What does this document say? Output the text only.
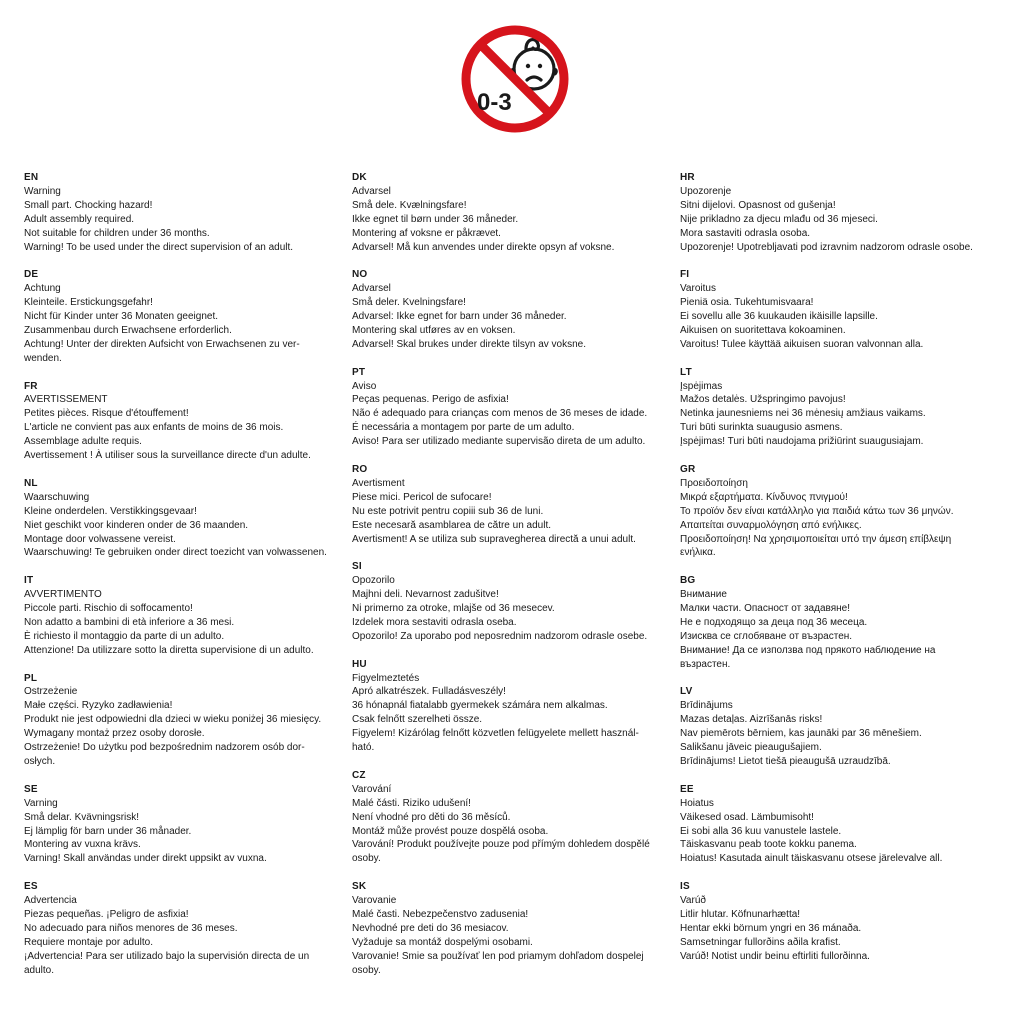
0-3
EN
Warning
Small part. Chocking hazard!
Adult assembly required.
Not suitable for children under 36 months.
Warning! To be used under the direct supervision of an adult.
DE
Achtung
Kleinteile. Erstickungsgefahr!
Nicht für Kinder unter 36 Monaten geeignet.
Zusammenbau durch Erwachsene erforderlich.
Achtung! Unter der direkten Aufsicht von Erwachsenen zu ver-
wenden.
FR
AVERTISSEMENT
Petites pièces. Risque d'étouffement!
L'article ne convient pas aux enfants de moins de 36 mois.
Assemblage adulte requis.
Avertissement ! À utiliser sous la surveillance directe d'un adulte.
NL
Waarschuwing
Kleine onderdelen. Verstikkingsgevaar!
Niet geschikt voor kinderen onder de 36 maanden.
Montage door volwassene vereist.
Waarschuwing! Te gebruiken onder direct toezicht van volwassenen.
IT
AVVERTIMENTO
Piccole parti. Rischio di soffocamento!
Non adatto a bambini di età inferiore a 36 mesi.
È richiesto il montaggio da parte di un adulto.
Attenzione! Da utilizzare sotto la diretta supervisione di un adulto.
PL
Ostrzeżenie
Małe części. Ryzyko zadławienia!
Produkt nie jest odpowiedni dla dzieci w wieku poniżej 36 miesięcy.
Wymagany montaż przez osoby dorosłe.
Ostrzeżenie! Do użytku pod bezpośrednim nadzorem osób dor-
osłych.
SE
Varning
Små delar. Kvävningsrisk!
Ej lämplig för barn under 36 månader.
Montering av vuxna krävs.
Varning! Skall användas under direkt uppsikt av vuxna.
ES
Advertencia
Piezas pequeñas. ¡Peligro de asfixia!
No adecuado para niños menores de 36 meses.
Requiere montaje por adulto.
¡Advertencia! Para ser utilizado bajo la supervisión directa de un
adulto.
DK
Advarsel
Små dele. Kvælningsfare!
Ikke egnet til børn under 36 måneder.
Montering af voksne er påkrævet.
Advarsel! Må kun anvendes under direkte opsyn af voksne.
NO
Advarsel
Små deler. Kvelningsfare!
Advarsel: Ikke egnet for barn under 36 måneder.
Montering skal utføres av en voksen.
Advarsel! Skal brukes under direkte tilsyn av voksne.
PT
Aviso
Peças pequenas. Perigo de asfixia!
Não é adequado para crianças com menos de 36 meses de idade.
É necessária a montagem por parte de um adulto.
Aviso! Para ser utilizado mediante supervisão direta de um adulto.
RO
Avertisment
Piese mici. Pericol de sufocare!
Nu este potrivit pentru copiii sub 36 de luni.
Este necesară asamblarea de către un adult.
Avertisment! A se utiliza sub supravegherea directă a unui adult.
SI
Opozorilo
Majhni deli. Nevarnost zadušitve!
Ni primerno za otroke, mlajše od 36 mesecev.
Izdelek mora sestaviti odrasla oseba.
Opozorilo! Za uporabo pod neposrednim nadzorom odrasle osebe.
HU
Figyelmeztetés
Apró alkatrészek. Fulladásveszély!
36 hónapnál fiatalabb gyermekek számára nem alkalmas.
Csak felnőtt szerelheti össze.
Figyelem! Kizárólag felnőtt közvetlen felügyelete mellett használ-
ható.
CZ
Varování
Malé části. Riziko udušení!
Není vhodné pro děti do 36 měsíců.
Montáž může provést pouze dospělá osoba.
Varování! Produkt používejte pouze pod přímým dohledem dospělé
osoby.
SK
Varovanie
Malé časti. Nebezpečenstvo zadusenia!
Nevhodné pre deti do 36 mesiacov.
Vyžaduje sa montáž dospelými osobami.
Varovanie! Smie sa používať len pod priamym dohľadom dospelej
osoby.
HR
Upozorenje
Sitni dijelovi. Opasnost od gušenja!
Nije prikladno za djecu mlađu od 36 mjeseci.
Mora sastaviti odrasla osoba.
Upozorenje! Upotrebljavati pod izravnim nadzorom odrasle osobe.
FI
Varoitus
Pieniä osia. Tukehtumisvaara!
Ei sovellu alle 36 kuukauden ikäisille lapsille.
Aikuisen on suoritettava kokoaminen.
Varoitus! Tulee käyttää aikuisen suoran valvonnan alla.
LT
Įspėjimas
Mažos detalės. Užspringimo pavojus!
Netinka jaunesniems nei 36 mėnesių amžiaus vaikams.
Turi būti surinkta suaugusio asmens.
Įspėjimas! Turi būti naudojama prižiūrint suaugusiajam.
GR
Προειδοποίηση
Μικρά εξαρτήματα. Κίνδυνος πνιγμού!
Το προϊόν δεν είναι κατάλληλο για παιδιά κάτω των 36 μηνών.
Απαιτείται συναρμολόγηση από ενήλικες.
Προειδοποίηση! Να χρησιμοποιείται υπό την άμεση επίβλεψη
ενήλικα.
BG
Внимание
Малки части. Опасност от задавяне!
Не е подходящо за деца под 36 месеца.
Изисква се сглобяване от възрастен.
Внимание! Да се използва под прякото наблюдение на
възрастен.
LV
Brīdinājums
Mazas detaļas. Aizrīšanās risks!
Nav piemērots bērniem, kas jaunāki par 36 mēnešiem.
Salikšanu jāveic pieaugušajiem.
Brīdinājums! Lietot tiešā pieaugušā uzraudzībā.
EE
Hoiatus
Väikesed osad. Lämbumisoht!
Ei sobi alla 36 kuu vanustele lastele.
Täiskasvanu peab toote kokku panema.
Hoiatus! Kasutada ainult täiskasvanu otsese järelevalve all.
IS
Varúð
Litlir hlutar. Köfnunarhætta!
Hentar ekki börnum yngri en 36 mánaða.
Samsetningar fullorðins aðila krafist.
Varúð! Notist undir beinu eftirliti fullorðinna.
